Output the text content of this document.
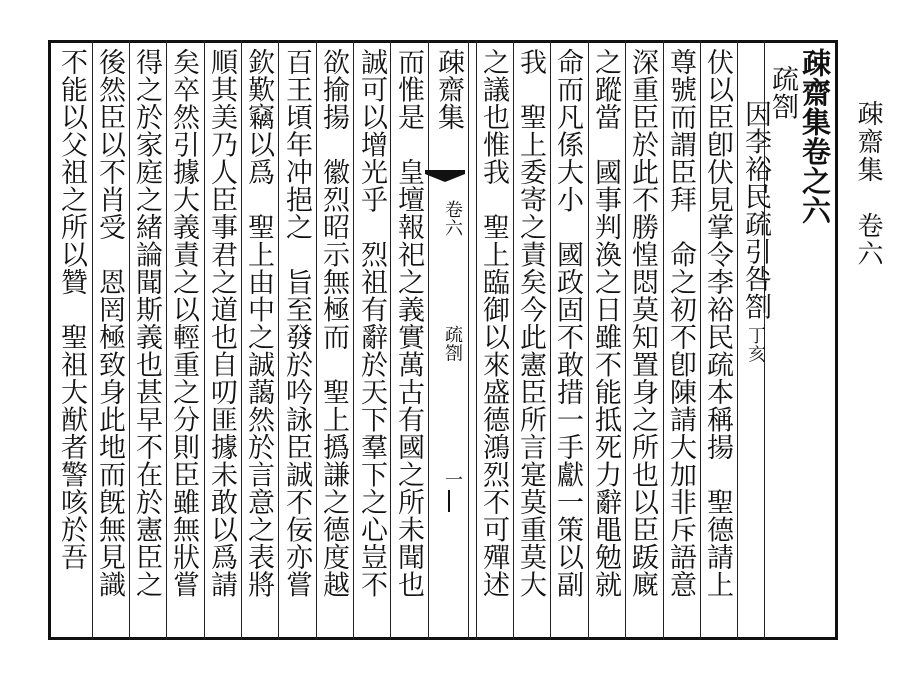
疎齋集　卷六
疎齋集卷之六
疏劄
因李裕民疏引咎劄丁亥
伏以臣卽伏見掌令李裕民疏本稱揚　聖德請上
尊號而謂臣拜　命之初不卽陳請大加非斥語意
深重臣於此不勝惶悶莫知置身之所也以臣䟦廐
之蹤當　國事判渙之日雖不能抵死力辭黽勉就
命而凡係大小　國政固不敢措一手獻一策以副
我　聖上委寄之責矣今此憲臣所言寔莫重莫大
之議也惟我　聖上臨御以來盛德鴻烈不可殫述
疎齋集
卷六
疏劄
一
而惟是　皇壇報祀之義實萬古有國之所未聞也
誠可以增光乎　烈祖有辭於天下羣下之心豈不
欲揄揚　徽烈昭示無極而　聖上撝謙之德度越
百王頃年冲挹之　旨至發於吟詠臣誠不佞亦嘗
欽歎竊以爲　聖上由中之誠藹然於言意之表將
順其美乃人臣事君之道也自叨匪據未敢以爲請
矣卒然引據大義責之以輕重之分則臣雖無狀嘗
得之於家庭之緒論聞斯義也甚早不在於憲臣之
後然臣以不肖受　恩罔極致身此地而旣無見識
不能以父祖之所以贊　聖祖大猷者警咳於吾
